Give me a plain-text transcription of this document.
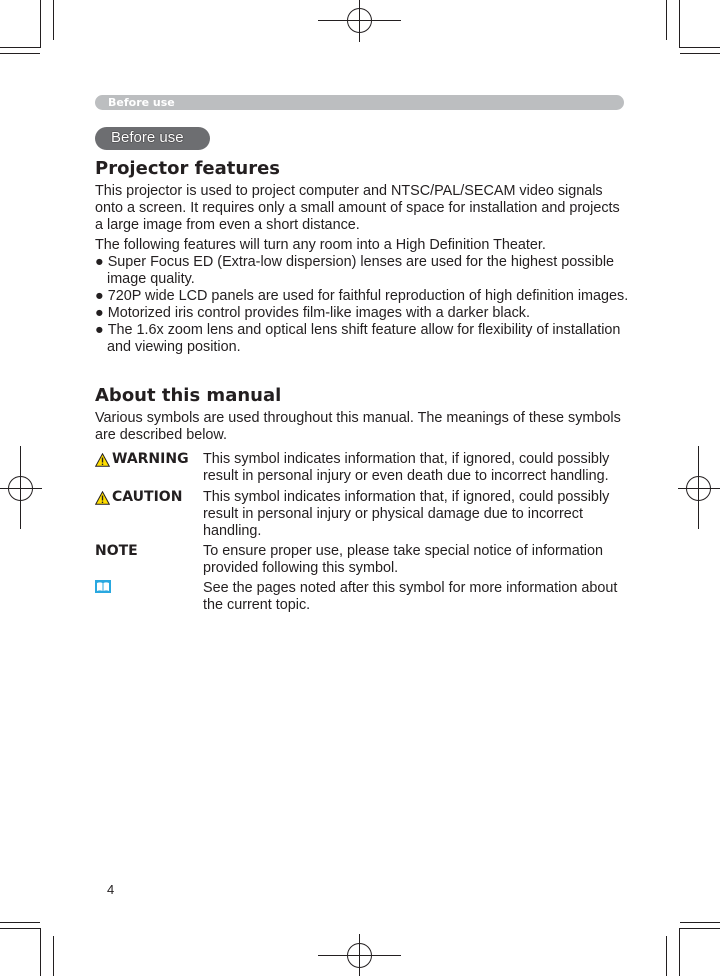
Before use
Before use
Projector features

This projector is used to project computer and NTSC/PAL/SECAM video signals onto a screen. It requires only a small amount of space for installation and projects a large image from even a short distance.

The following features will turn any room into a High Definition Theater.

● Super Focus ED (Extra-low dispersion) lenses are used for the highest possible image quality.
● 720P wide LCD panels are used for faithful reproduction of high definition images.
● Motorized iris control provides film-like images with a darker black.
● The 1.6x zoom lens and optical lens shift feature allow for flexibility of installation and viewing position.
About this manual

Various symbols are used throughout this manual. The meanings of these symbols are described below.

WARNING This symbol indicates information that, if ignored, could possibly result in personal injury or even death due to incorrect handling.
CAUTION This symbol indicates information that, if ignored, could possibly result in personal injury or physical damage due to incorrect handling.
NOTE	To ensure proper use, please take special notice of information provided following this symbol.
See the pages noted after this symbol for more information about the current topic.
4
